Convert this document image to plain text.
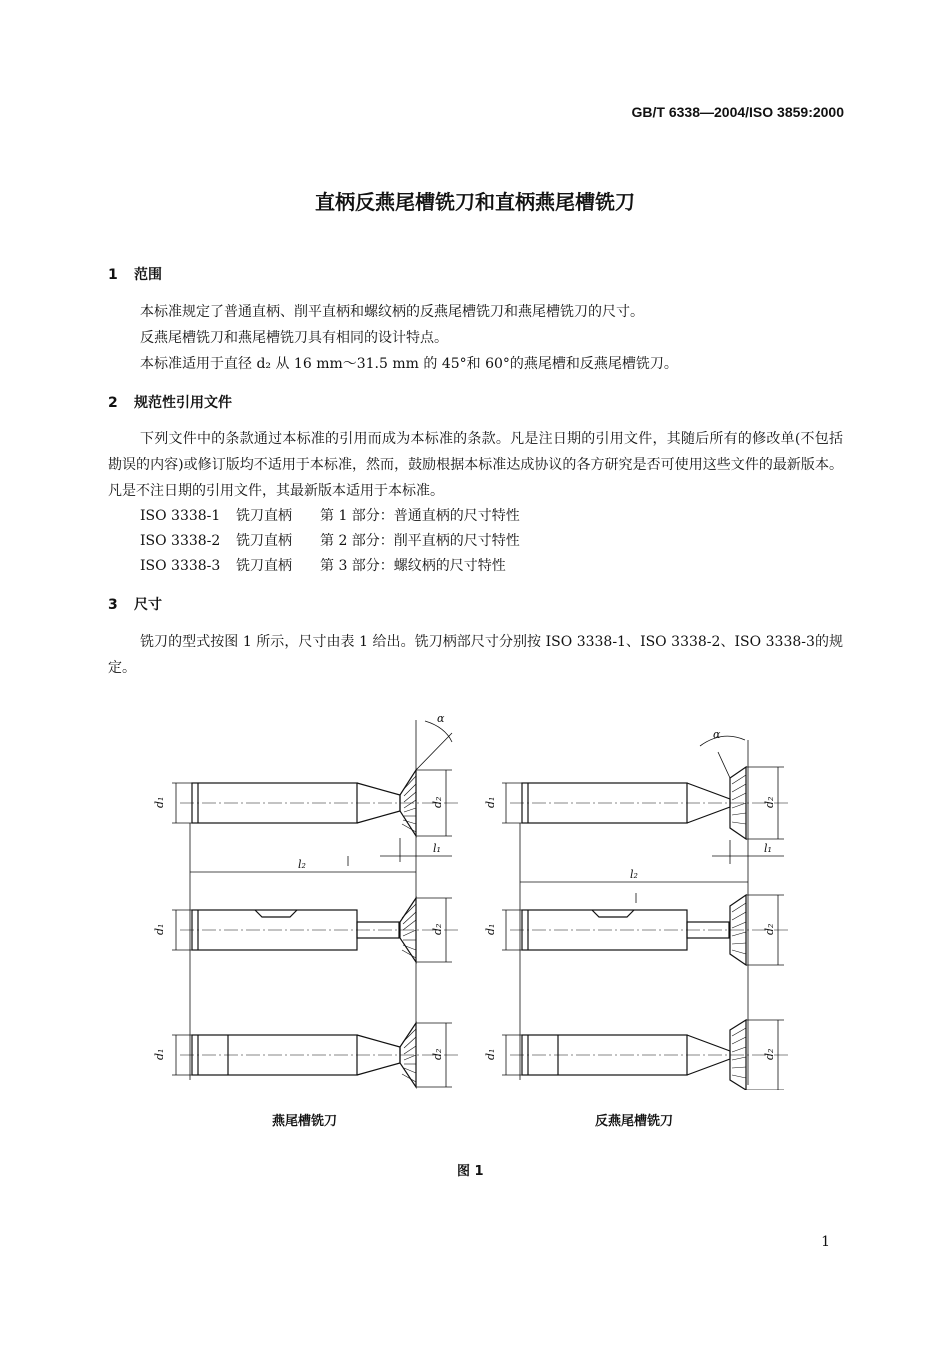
GB/T 6338—2004/ISO 3859:2000
直柄反燕尾槽铣刀和直柄燕尾槽铣刀
1 范围
本标准规定了普通直柄、削平直柄和螺纹柄的反燕尾槽铣刀和燕尾槽铣刀的尺寸。
反燕尾槽铣刀和燕尾槽铣刀具有相同的设计特点。
本标准适用于直径 d₂ 从 16 mm～31.5 mm 的 45°和 60°的燕尾槽和反燕尾槽铣刀。
2 规范性引用文件
下列文件中的条款通过本标准的引用而成为本标准的条款。凡是注日期的引用文件，其随后所有的修改单(不包括勘误的内容)或修订版均不适用于本标准，然而，鼓励根据本标准达成协议的各方研究是否可使用这些文件的最新版本。凡是不注日期的引用文件，其最新版本适用于本标准。
ISO 3338-1 铣刀直柄 第 1 部分：普通直柄的尺寸特性
ISO 3338-2 铣刀直柄 第 2 部分：削平直柄的尺寸特性
ISO 3338-3 铣刀直柄 第 3 部分：螺纹柄的尺寸特性
3 尺寸
铣刀的型式按图 1 所示，尺寸由表 1 给出。铣刀柄部尺寸分别按 ISO 3338-1、ISO 3338-2、ISO 3338-3的规定。
d₁
d₁
d₁
d₂
d₂
d₂
l₁
l₂
α
d₁
d₁
d₁
d₂
d₂
d₂
l₁
l₂
α
燕尾槽铣刀	反燕尾槽铣刀
图 1
1
